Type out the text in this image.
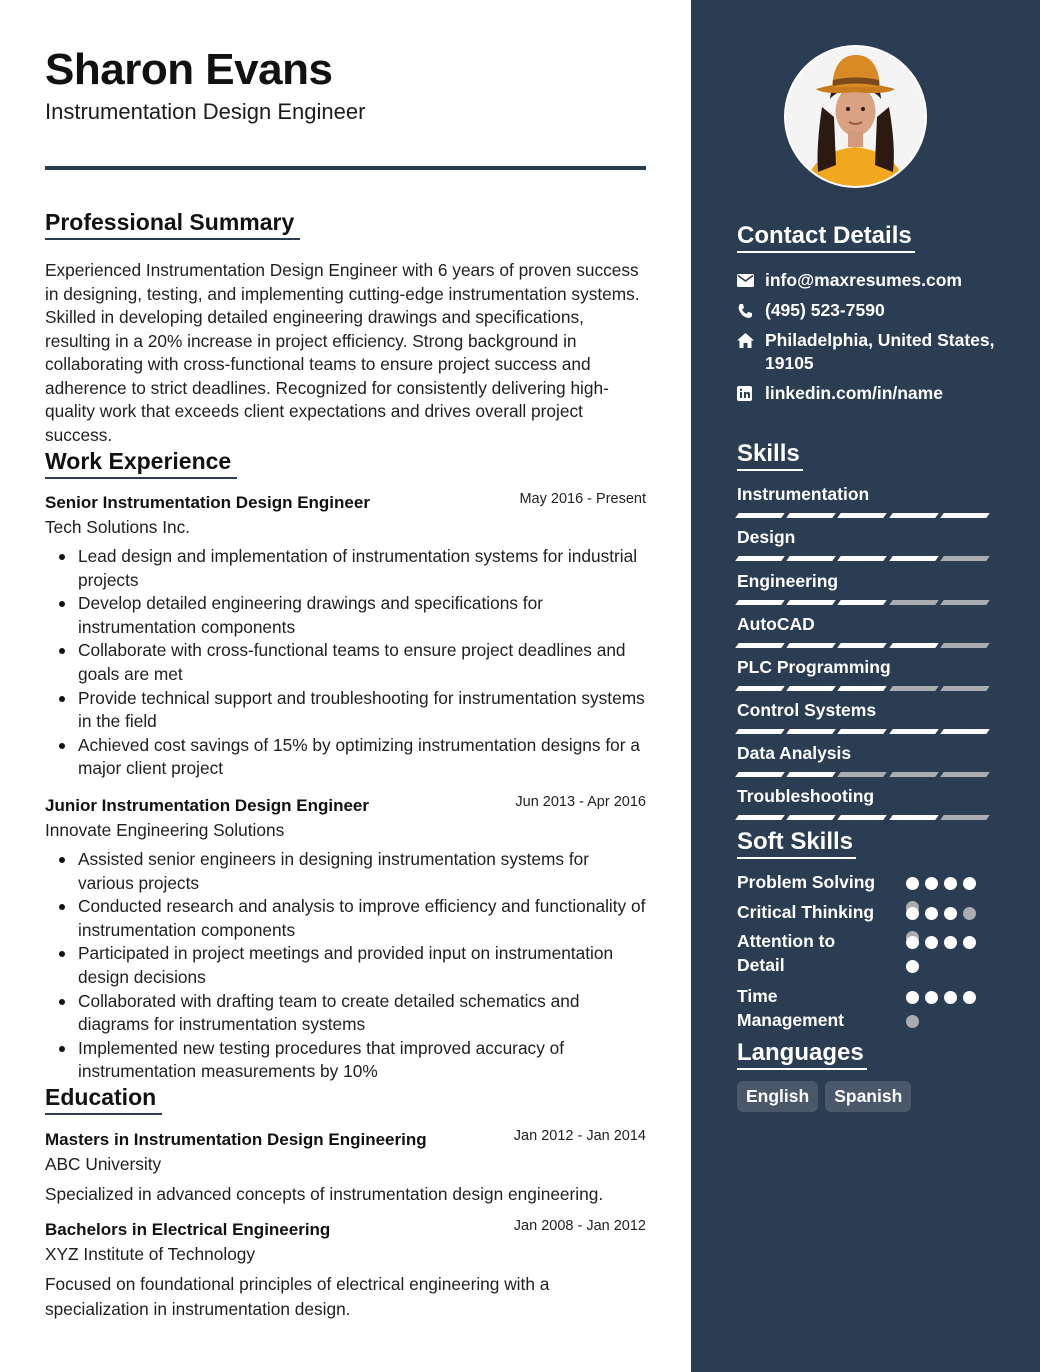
Sharon Evans
Instrumentation Design Engineer
Professional Summary
Experienced Instrumentation Design Engineer with 6 years of proven success in designing, testing, and implementing cutting-edge instrumentation systems. Skilled in developing detailed engineering drawings and specifications, resulting in a 20% increase in project efficiency. Strong background in collaborating with cross-functional teams to ensure project success and adherence to strict deadlines. Recognized for consistently delivering high-quality work that exceeds client expectations and drives overall project success.
Work Experience
Senior Instrumentation Design Engineer	May 2016 - Present
Tech Solutions Inc.
Lead design and implementation of instrumentation systems for industrial projects
Develop detailed engineering drawings and specifications for instrumentation components
Collaborate with cross-functional teams to ensure project deadlines and goals are met
Provide technical support and troubleshooting for instrumentation systems in the field
Achieved cost savings of 15% by optimizing instrumentation designs for a major client project
Junior Instrumentation Design Engineer	Jun 2013 - Apr 2016
Innovate Engineering Solutions
Assisted senior engineers in designing instrumentation systems for various projects
Conducted research and analysis to improve efficiency and functionality of instrumentation components
Participated in project meetings and provided input on instrumentation design decisions
Collaborated with drafting team to create detailed schematics and diagrams for instrumentation systems
Implemented new testing procedures that improved accuracy of instrumentation measurements by 10%
Education
Masters in Instrumentation Design Engineering	Jan 2012 - Jan 2014
ABC University
Specialized in advanced concepts of instrumentation design engineering.
Bachelors in Electrical Engineering	Jan 2008 - Jan 2012
XYZ Institute of Technology
Focused on foundational principles of electrical engineering with a specialization in instrumentation design.
Contact Details
info@maxresumes.com
(495) 523-7590
Philadelphia, United States, 19105
linkedin.com/in/name
Skills
Instrumentation
Design
Engineering
AutoCAD
PLC Programming
Control Systems
Data Analysis
Troubleshooting
Soft Skills
Problem Solving
Critical Thinking
Attention to Detail
Time Management
Languages
English	Spanish
